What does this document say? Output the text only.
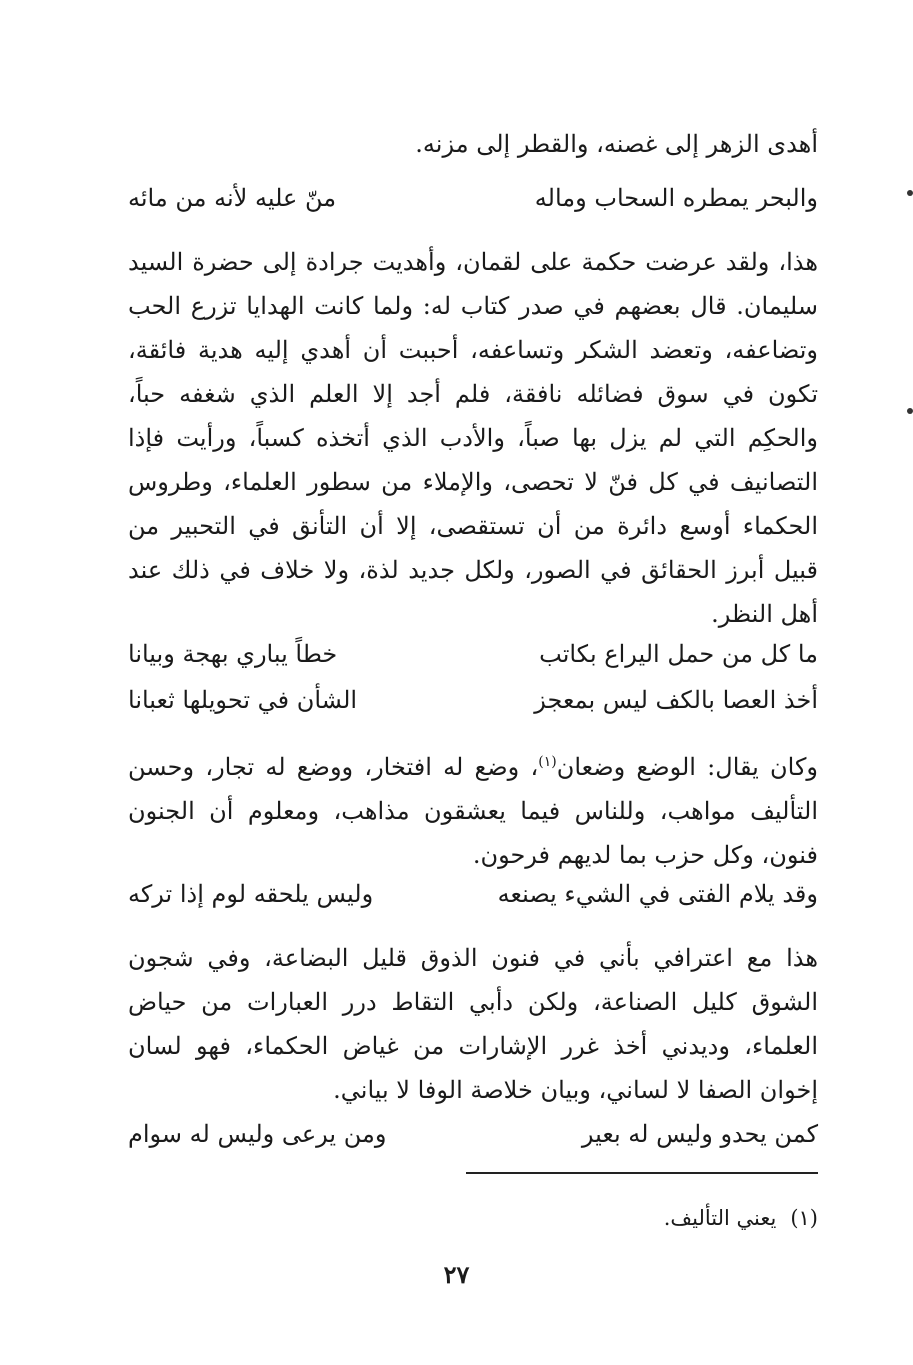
أهدى الزهر إلى غصنه، والقطر إلى مزنه.
والبحر يمطره السحاب وماله
منّ عليه لأنه من مائه
هذا، ولقد عرضت حكمة على لقمان، وأهديت جرادة إلى حضرة السيد سليمان. قال بعضهم في صدر كتاب له: ولما كانت الهدايا تزرع الحب وتضاعفه، وتعضد الشكر وتساعفه، أحببت أن أهدي إليه هدية فائقة، تكون في سوق فضائله نافقة، فلم أجد إلا العلم الذي شغفه حباً، والحكِم التي لم يزل بها صباً، والأدب الذي أتخذه كسباً، ورأيت فإذا التصانيف في كل فنّ لا تحصى، والإملاء من سطور العلماء، وطروس الحكماء أوسع دائرة من أن تستقصى، إلا أن التأنق في التحبير من قبيل أبرز الحقائق في الصور، ولكل جديد لذة، ولا خلاف في ذلك عند أهل النظر.
ما كل من حمل اليراع بكاتب
خطاً يباري بهجة وبيانا
أخذ العصا بالكف ليس بمعجز
الشأن في تحويلها ثعبانا
وكان يقال: الوضع وضعان$^{(١)}$، وضع له افتخار، ووضع له تجار، وحسن التأليف مواهب، وللناس فيما يعشقون مذاهب، ومعلوم أن الجنون فنون، وكل حزب بما لديهم فرحون.
وقد يلام الفتى في الشيء يصنعه
وليس يلحقه لوم إذا تركه
هذا مع اعترافي بأني في فنون الذوق قليل البضاعة، وفي شجون الشوق كليل الصناعة، ولكن دأبي التقاط درر العبارات من حياض العلماء، وديدني أخذ غرر الإشارات من غياض الحكماء، فهو لسان إخوان الصفا لا لساني، وبيان خلاصة الوفا لا بياني.
كمن يحدو وليس له بعير
ومن يرعى وليس له سوام
(١)يعني التأليف.
٢٧
